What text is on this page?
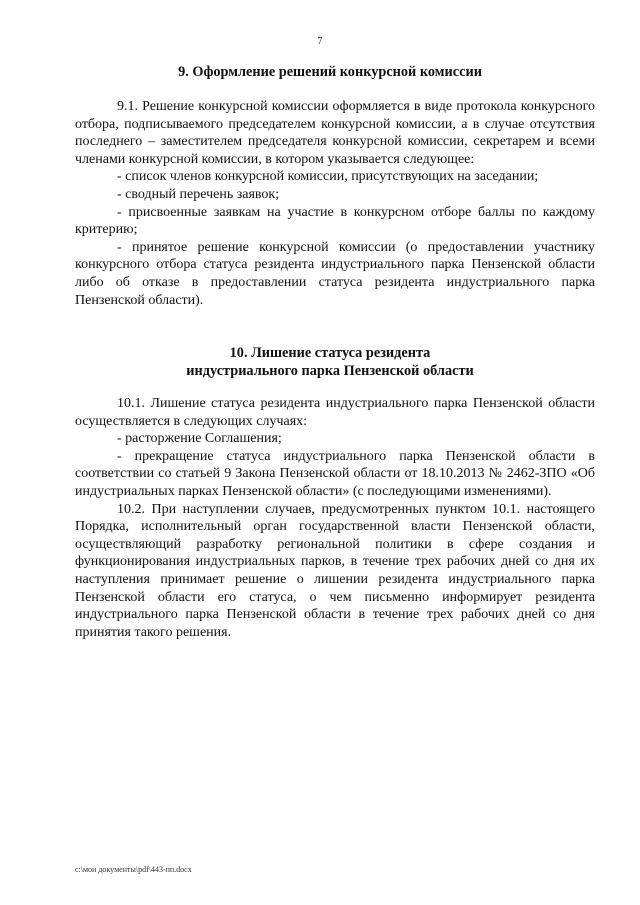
7
9. Оформление решений конкурсной комиссии

9.1. Решение конкурсной комиссии оформляется в виде протокола конкурсного отбора, подписываемого председателем конкурсной комиссии, а в случае отсутствия последнего – заместителем председателя конкурсной комиссии, секретарем и всеми членами конкурсной комиссии, в котором указывается следующее:

- список членов конкурсной комиссии, присутствующих на заседании;

- сводный перечень заявок;

- присвоенные заявкам на участие в конкурсном отборе баллы по каждому критерию;

- принятое решение конкурсной комиссии (о предоставлении участнику конкурсного отбора статуса резидента индустриального парка Пензенской области либо об отказе в предоставлении статуса резидента индустриального парка Пензенской области).

10. Лишение статуса резидента
индустриального парка Пензенской области

10.1. Лишение статуса резидента индустриального парка Пензенской области осуществляется в следующих случаях:

- расторжение Соглашения;

- прекращение статуса индустриального парка Пензенской области в соответствии со статьей 9 Закона Пензенской области от 18.10.2013 № 2462-ЗПО «Об индустриальных парках Пензенской области» (с последующими изменениями).

10.2. При наступлении случаев, предусмотренных пунктом 10.1. настоящего Порядка, исполнительный орган государственной власти Пензенской области, осуществляющий разработку региональной политики в сфере создания и функционирования индустриальных парков, в течение трех рабочих дней со дня их наступления принимает решение о лишении резидента индустриального парка Пензенской области его статуса, о чем письменно информирует резидента индустриального парка Пензенской области в течение трех рабочих дней со дня принятия такого решения.

c:\мои документы\pdf\443-пп.docx
